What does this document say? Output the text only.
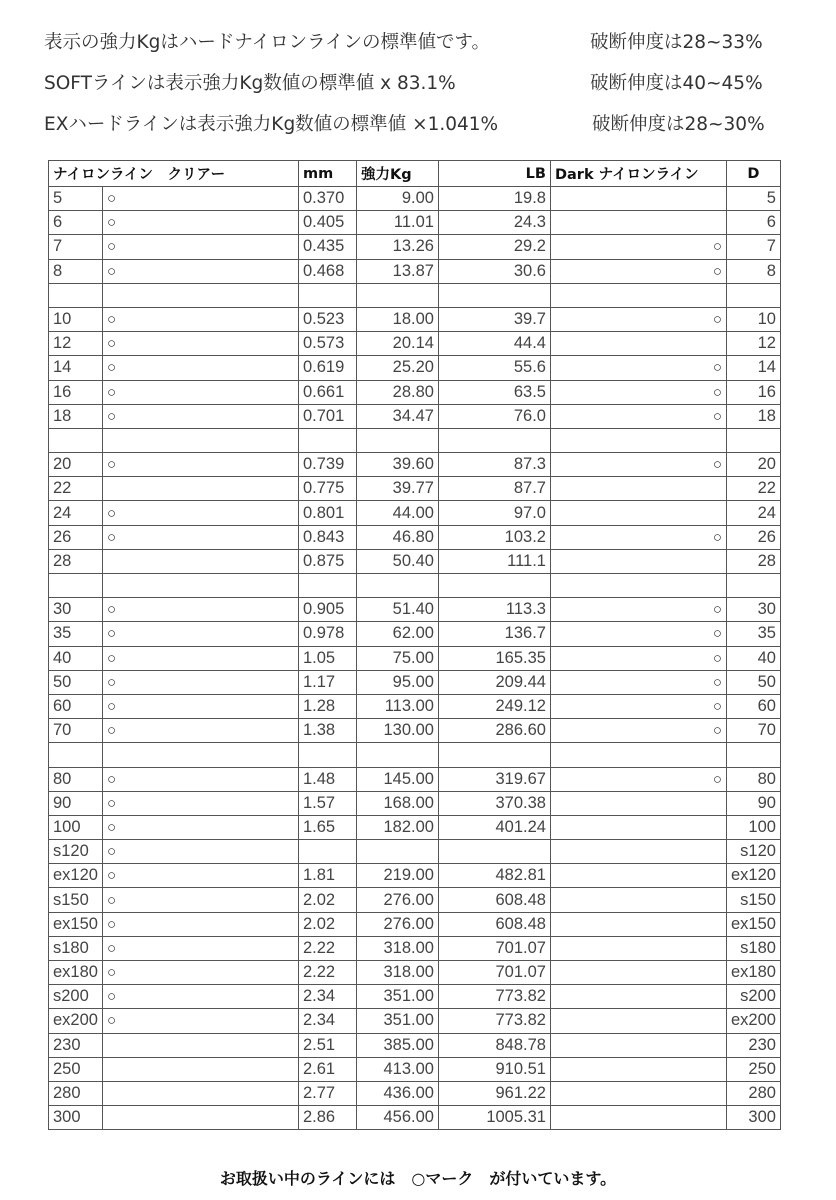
表示の強力Kgはハードナイロンラインの標準値です。	破断伸度は28~33%
SOFTラインは表示強力Kg数値の標準値 x 83.1%	破断伸度は40~45%
EXハードラインは表示強力Kg数値の標準値 ×1.041%	破断伸度は28~30%
ナイロンライン　クリアー		mm	強力Kg	LB	Dark ナイロンライン	D
5	○	0.370	9.00	19.8		5
6	○	0.405	11.01	24.3		6
7	○	0.435	13.26	29.2	○	7
8	○	0.468	13.87	30.6	○	8

10	○	0.523	18.00	39.7	○	10
12	○	0.573	20.14	44.4		12
14	○	0.619	25.20	55.6	○	14
16	○	0.661	28.80	63.5	○	16
18	○	0.701	34.47	76.0	○	18

20	○	0.739	39.60	87.3	○	20
22		0.775	39.77	87.7		22
24	○	0.801	44.00	97.0		24
26	○	0.843	46.80	103.2	○	26
28		0.875	50.40	111.1		28

30	○	0.905	51.40	113.3	○	30
35	○	0.978	62.00	136.7	○	35
40	○	1.05	75.00	165.35	○	40
50	○	1.17	95.00	209.44	○	50
60	○	1.28	113.00	249.12	○	60
70	○	1.38	130.00	286.60	○	70

80	○	1.48	145.00	319.67	○	80
90	○	1.57	168.00	370.38		90
100	○	1.65	182.00	401.24		100
s120	○					s120
ex120	○	1.81	219.00	482.81		ex120
s150	○	2.02	276.00	608.48		s150
ex150	○	2.02	276.00	608.48		ex150
s180	○	2.22	318.00	701.07		s180
ex180	○	2.22	318.00	701.07		ex180
s200	○	2.34	351.00	773.82		s200
ex200	○	2.34	351.00	773.82		ex200
230		2.51	385.00	848.78		230
250		2.61	413.00	910.51		250
280		2.77	436.00	961.22		280
300		2.86	456.00	1005.31		300
お取扱い中のラインには　○マーク　が付いています。
